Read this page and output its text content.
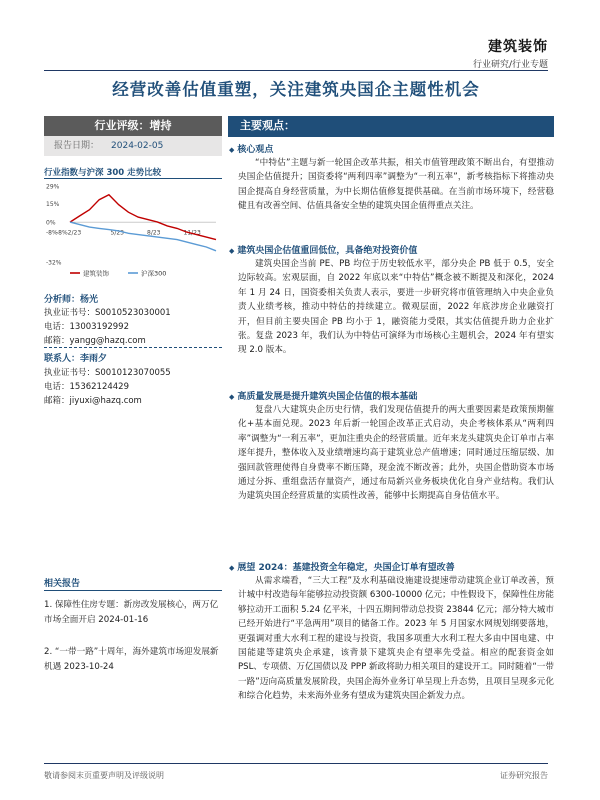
建筑装饰
行业研究/行业专题
经营改善估值重塑，关注建筑央国企主题性机会
行业评级：增持
报告日期： 2024-02-05
行业指数与沪深 300 走势比较
29%
15%
0%
-8%
-32%
-8%2/23	5/23	8/23	11/23
建筑装饰	沪深300
分析师：杨光
执业证书号：S0010523030001
电话：13003192992
邮箱：yangg@hazq.com
联系人：李雨夕
执业证书号：S0010123070055
电话：15362124429
邮箱：jiyuxi@hazq.com
相关报告
1. 保障性住房专题：新房改发展核心，两万亿市场全面开启 2024-01-16
2. “一带一路”十周年，海外建筑市场迎发展新机遇 2023-10-24
主要观点：
◆ 核心观点
“中特估”主题与新一轮国企改革共振，相关市值管理政策不断出台，有望推动央国企估值提升；国资委将“两利四率”调整为“一利五率”，新考核指标下将推动央国企提高自身经营质量，为中长期估值修复提供基础。在当前市场环境下，经营稳健且有改善空间、估值具备安全垫的建筑央国企值得重点关注。
◆ 建筑央国企估值重回低位，具备绝对投资价值
建筑央国企当前 PE、PB 均位于历史较低水平，部分央企 PB 低于 0.5，安全边际较高。宏观层面，自 2022 年底以来“中特估”概念被不断提及和深化，2024 年 1 月 24 日，国资委相关负责人表示，要进一步研究将市值管理纳入中央企业负责人业绩考核，推动中特估的持续建立。微观层面，2022 年底涉房企业融资打开，但目前主要央国企 PB 均小于 1，融资能力受限，其实估值提升助力企业扩张。复盘 2023 年，我们认为中特估可演绎为市场核心主题机会，2024 年有望实现 2.0 版本。
◆ 高质量发展是提升建筑央国企估值的根本基础
复盘八大建筑央企历史行情，我们发现估值提升的两大重要因素是政策预期催化+基本面兑现。2023 年后新一轮国企改革正式启动，央企考核体系从“两利四率”调整为“一利五率”，更加注重央企的经营质量。近年来龙头建筑央企订单市占率逐年提升，整体收入及业绩增速均高于建筑业总产值增速；同时通过压缩层级、加强回款管理使得自身费率不断压降，现金流不断改善；此外，央国企借助资本市场通过分拆、重组盘活存量资产，通过布局新兴业务板块优化自身产业结构。我们认为建筑央国企经营质量的实质性改善，能够中长期提高自身估值水平。
◆ 展望 2024：基建投资全年稳定，央国企订单有望改善
从需求端看，“三大工程”及水利基础设施建设提速带动建筑企业订单改善，预计城中村改造每年能够拉动投资额 6300-10000 亿元；中性假设下，保障性住房能够拉动开工面积 5.24 亿平米，十四五期间带动总投资 23844 亿元；部分特大城市已经开始进行“平急两用”项目的储备工作。2023 年 5 月国家水网规划纲要落地，更强调对重大水利工程的建设与投资，我国多项重大水利工程大多由中国电建、中国能建等建筑央企承建，该背景下建筑央企有望率先受益。相应的配套资金如 PSL、专项债、万亿国债以及 PPP 新政将助力相关项目的建设开工。同时随着“一带一路”迈向高质量发展阶段，央国企海外业务订单呈现上升态势，且项目呈现多元化和综合化趋势，未来海外业务有望成为建筑央国企新发力点。
敬请参阅末页重要声明及评级说明	证券研究报告
